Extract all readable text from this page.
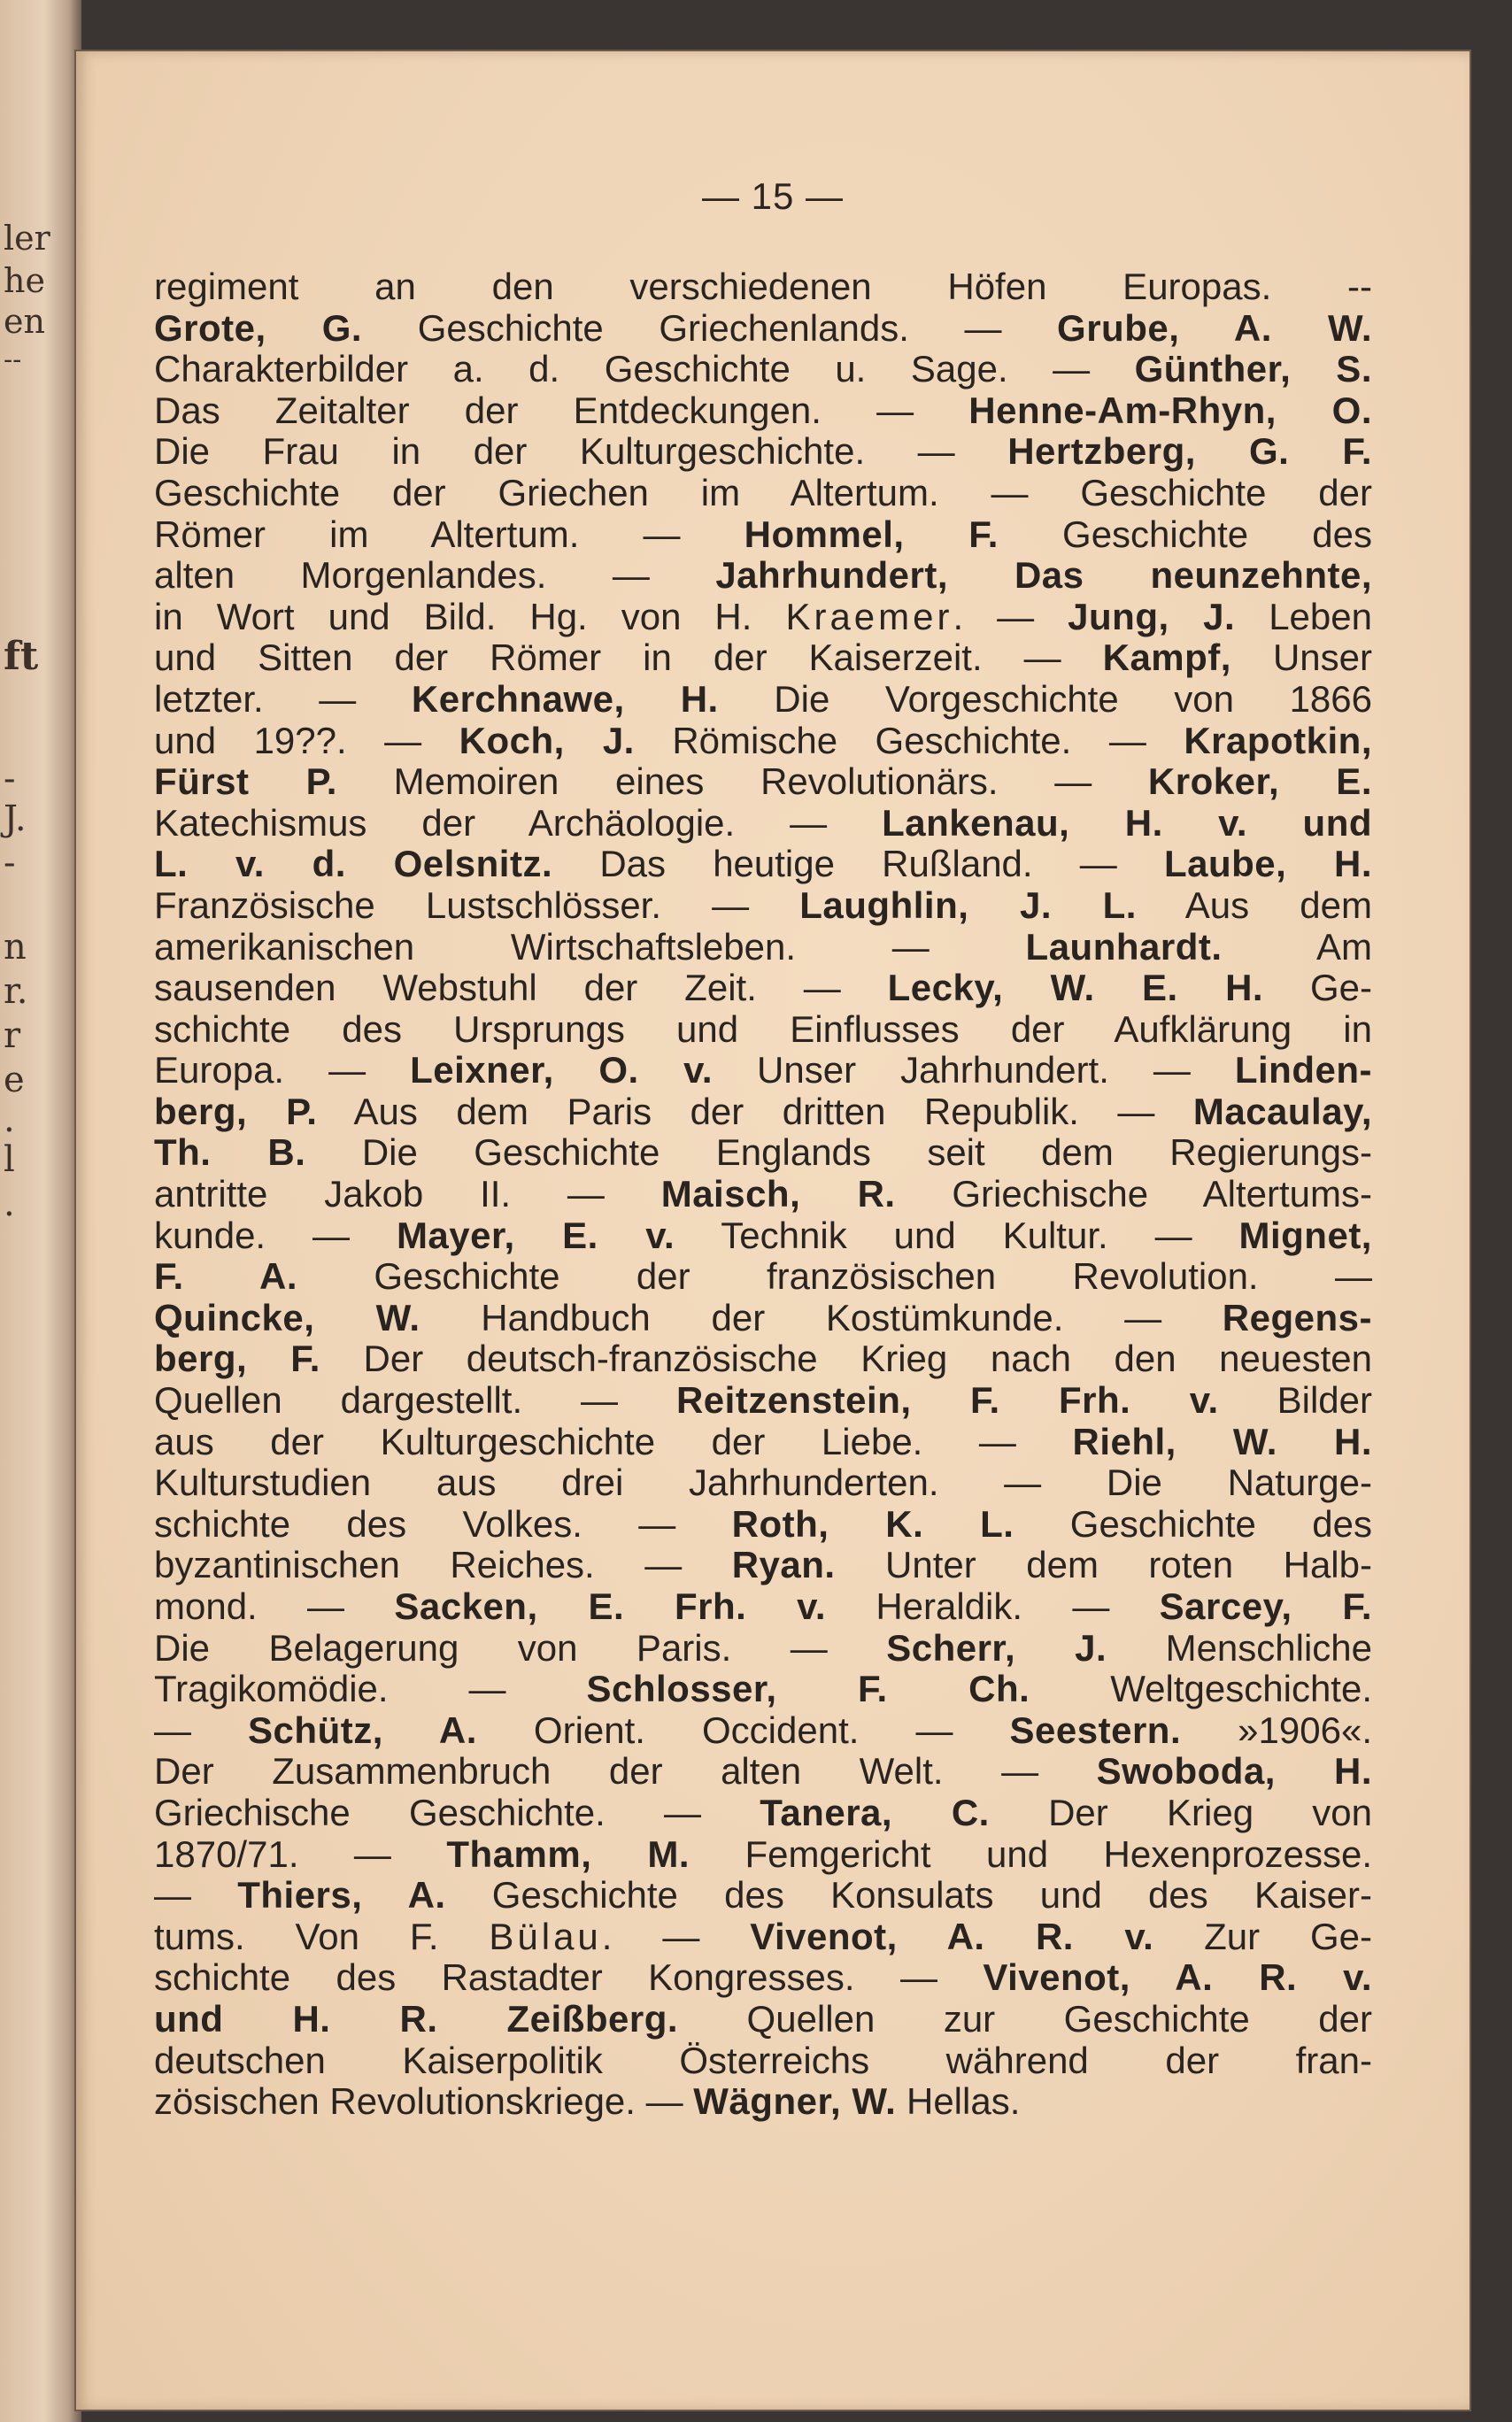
ler
he
en
--
ft
-
J.
-
n
r.
r
e
.
l
.
— 15 —
regiment an den verschiedenen Höfen Europas. --
Grote, G. Geschichte Griechenlands. — Grube, A. W.
Charakterbilder a. d. Geschichte u. Sage. — Günther, S.
Das Zeitalter der Entdeckungen. — Henne-Am-Rhyn, O.
Die Frau in der Kulturgeschichte. — Hertzberg, G. F.
Geschichte der Griechen im Altertum. — Geschichte der
Römer im Altertum. — Hommel, F. Geschichte des
alten Morgenlandes. — Jahrhundert, Das neunzehnte,
in Wort und Bild. Hg. von H. Kraemer. — Jung, J. Leben
und Sitten der Römer in der Kaiserzeit. — Kampf, Unser
letzter. — Kerchnawe, H. Die Vorgeschichte von 1866
und 19??. — Koch, J. Römische Geschichte. — Krapotkin,
Fürst P. Memoiren eines Revolutionärs. — Kroker, E.
Katechismus der Archäologie. — Lankenau, H. v. und
L. v. d. Oelsnitz. Das heutige Rußland. — Laube, H.
Französische Lustschlösser. — Laughlin, J. L. Aus dem
amerikanischen Wirtschaftsleben. — Launhardt. Am
sausenden Webstuhl der Zeit. — Lecky, W. E. H. Ge-
schichte des Ursprungs und Einflusses der Aufklärung in
Europa. — Leixner, O. v. Unser Jahrhundert. — Linden-
berg, P. Aus dem Paris der dritten Republik. — Macaulay,
Th. B. Die Geschichte Englands seit dem Regierungs-
antritte Jakob II. — Maisch, R. Griechische Altertums-
kunde. — Mayer, E. v. Technik und Kultur. — Mignet,
F. A. Geschichte der französischen Revolution. —
Quincke, W. Handbuch der Kostümkunde. — Regens-
berg, F. Der deutsch-französische Krieg nach den neuesten
Quellen dargestellt. — Reitzenstein, F. Frh. v. Bilder
aus der Kulturgeschichte der Liebe. — Riehl, W. H.
Kulturstudien aus drei Jahrhunderten. — Die Naturge-
schichte des Volkes. — Roth, K. L. Geschichte des
byzantinischen Reiches. — Ryan. Unter dem roten Halb-
mond. — Sacken, E. Frh. v. Heraldik. — Sarcey, F.
Die Belagerung von Paris. — Scherr, J. Menschliche
Tragikomödie. — Schlosser, F. Ch. Weltgeschichte.
— Schütz, A. Orient. Occident. — Seestern. »1906«.
Der Zusammenbruch der alten Welt. — Swoboda, H.
Griechische Geschichte. — Tanera, C. Der Krieg von
1870/71. — Thamm, M. Femgericht und Hexenprozesse.
— Thiers, A. Geschichte des Konsulats und des Kaiser-
tums. Von F. Bülau. — Vivenot, A. R. v. Zur Ge-
schichte des Rastadter Kongresses. — Vivenot, A. R. v.
und H. R. Zeißberg. Quellen zur Geschichte der
deutschen Kaiserpolitik Österreichs während der fran-
zösischen Revolutionskriege. — Wägner, W. Hellas.
